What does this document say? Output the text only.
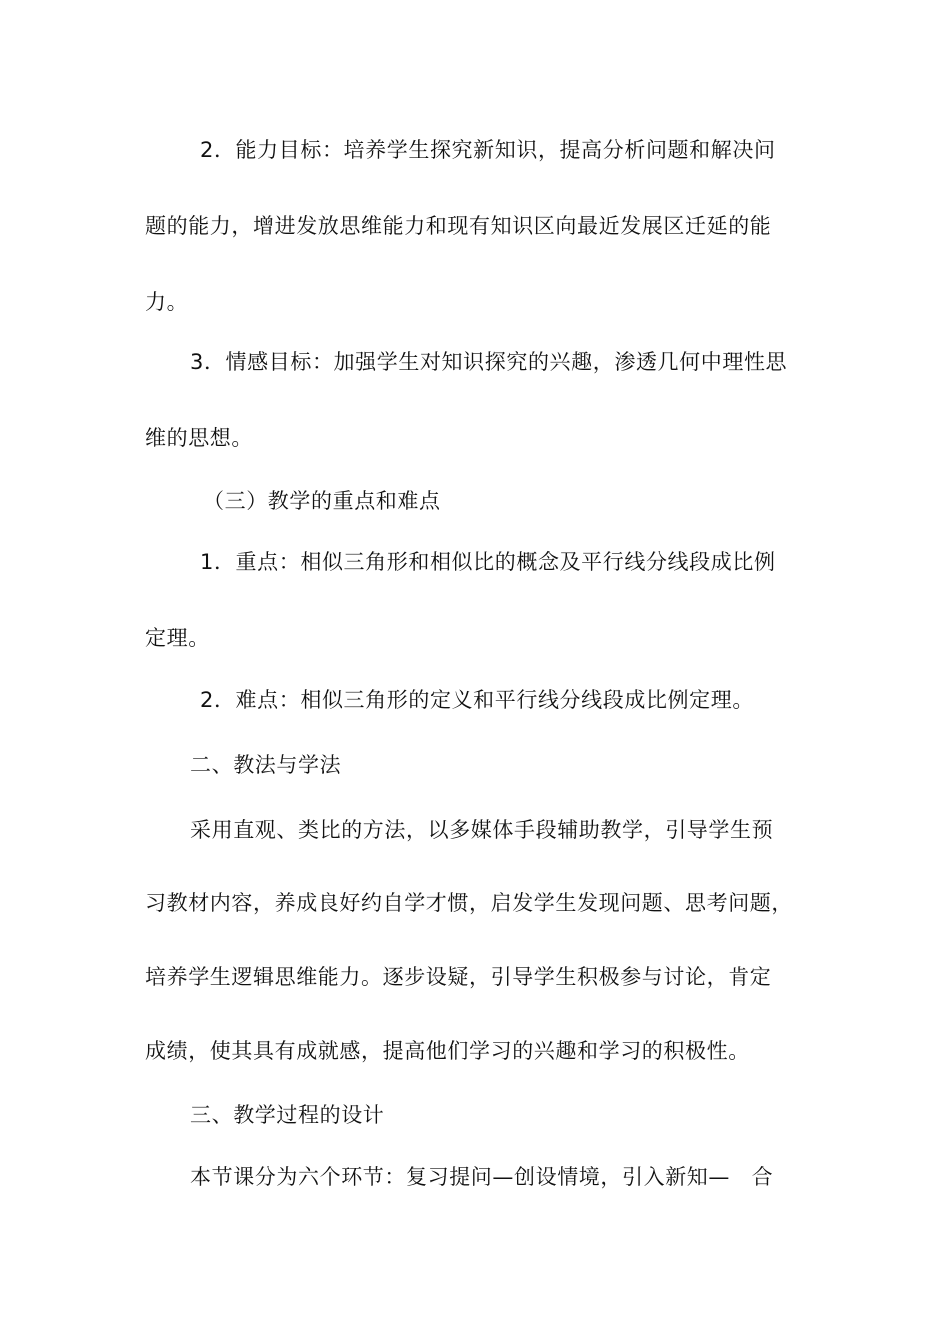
2．能力目标：培养学生探究新知识，提高分析问题和解决问
题的能力，增进发放思维能力和现有知识区向最近发展区迁延的能
力。
3．情感目标：加强学生对知识探究的兴趣，渗透几何中理性思
维的思想。
（三）教学的重点和难点
1．重点：相似三角形和相似比的概念及平行线分线段成比例
定理。
2．难点：相似三角形的定义和平行线分线段成比例定理。
二、教法与学法
采用直观、类比的方法，以多媒体手段辅助教学，引导学生预
习教材内容，养成良好约自学才惯，启发学生发现问题、思考问题，
培养学生逻辑思维能力。逐步设疑，引导学生积极参与讨论，肯定
成绩，使其具有成就感，提高他们学习的兴趣和学习的积极性。
三、教学过程的设计
本节课分为六个环节：复习提问—创设情境，引入新知—　合
